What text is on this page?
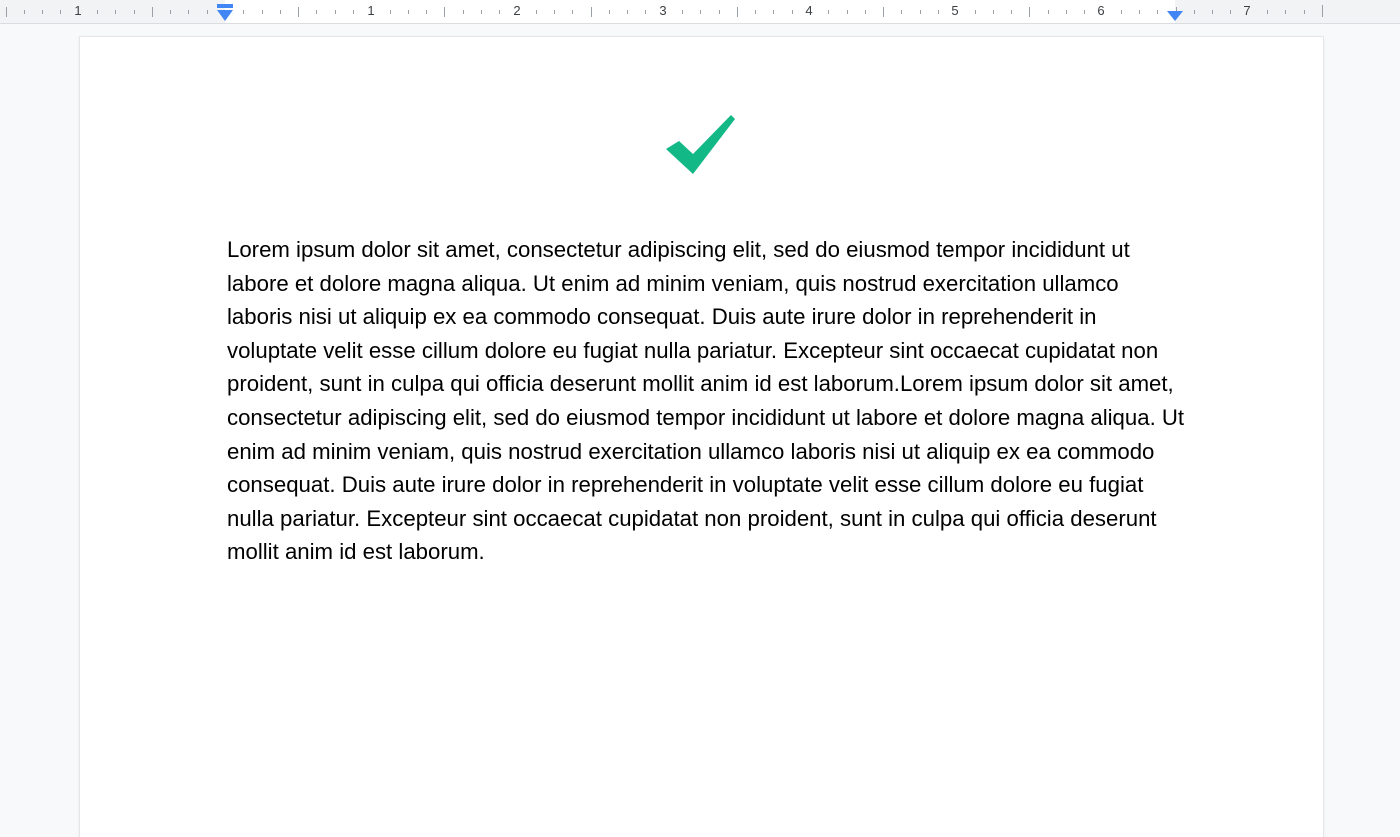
1	1	2	3	4	5	6	7

Lorem ipsum dolor sit amet, consectetur adipiscing elit, sed do eiusmod tempor incididunt ut labore et dolore magna aliqua. Ut enim ad minim veniam, quis nostrud exercitation ullamco laboris nisi ut aliquip ex ea commodo consequat. Duis aute irure dolor in reprehenderit in voluptate velit esse cillum dolore eu fugiat nulla pariatur. Excepteur sint occaecat cupidatat non proident, sunt in culpa qui officia deserunt mollit anim id est laborum.Lorem ipsum dolor sit amet, consectetur adipiscing elit, sed do eiusmod tempor incididunt ut labore et dolore magna aliqua. Ut enim ad minim veniam, quis nostrud exercitation ullamco laboris nisi ut aliquip ex ea commodo consequat. Duis aute irure dolor in reprehenderit in voluptate velit esse cillum dolore eu fugiat nulla pariatur. Excepteur sint occaecat cupidatat non proident, sunt in culpa qui officia deserunt mollit anim id est laborum.
